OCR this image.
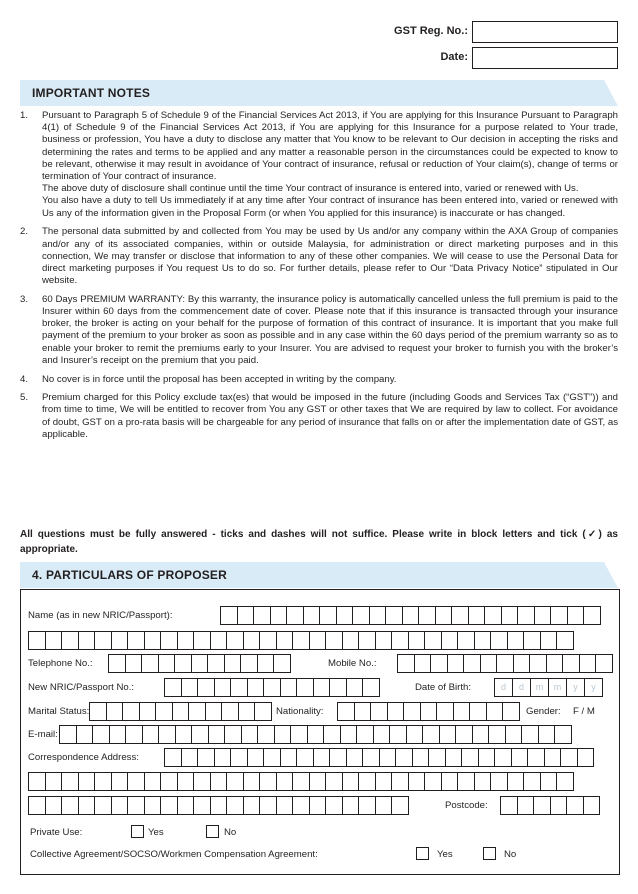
GST Reg. No.:
Date:
IMPORTANT NOTES
1. Pursuant to Paragraph 5 of Schedule 9 of the Financial Services Act 2013, if You are applying for this Insurance Pursuant to Paragraph 4(1) of Schedule 9 of the Financial Services Act 2013, if You are applying for this Insurance for a purpose related to Your trade, business or profession, You have a duty to disclose any matter that You know to be relevant to Our decision in accepting the risks and determining the rates and terms to be applied and any matter a reasonable person in the circumstances could be expected to know to be relevant, otherwise it may result in avoidance of Your contract of insurance, refusal or reduction of Your claim(s), change of terms or termination of Your contract of insurance.

The above duty of disclosure shall continue until the time Your contract of insurance is entered into, varied or renewed with Us.

You also have a duty to tell Us immediately if at any time after Your contract of insurance has been entered into, varied or renewed with Us any of the information given in the Proposal Form (or when You applied for this insurance) is inaccurate or has changed.

2. The personal data submitted by and collected from You may be used by Us and/or any company within the AXA Group of companies and/or any of its associated companies, within or outside Malaysia, for administration or direct marketing purposes and in this connection, We may transfer or disclose that information to any of these other companies. We will cease to use the Personal Data for direct marketing purposes if You request Us to do so. For further details, please refer to Our “Data Privacy Notice” stipulated in Our website.

3. 60 Days PREMIUM WARRANTY: By this warranty, the insurance policy is automatically cancelled unless the full premium is paid to the Insurer within 60 days from the commencement date of cover. Please note that if this insurance is transacted through your insurance broker, the broker is acting on your behalf for the purpose of formation of this contract of insurance. It is important that you make full payment of the premium to your broker as soon as possible and in any case within the 60 days period of the premium warranty so as to enable your broker to remit the premiums early to your Insurer. You are advised to request your broker to furnish you with the broker’s and Insurer’s receipt on the premium that you paid.

4. No cover is in force until the proposal has been accepted in writing by the company.

5. Premium charged for this Policy exclude tax(es) that would be imposed in the future (including Goods and Services Tax (“GST”)) and from time to time, We will be entitled to recover from You any GST or other taxes that We are required by law to collect. For avoidance of doubt, GST on a pro-rata basis will be chargeable for any period of insurance that falls on or after the implementation date of GST, as applicable.

All questions must be fully answered - ticks and dashes will not suffice. Please write in block letters and tick (✓) as appropriate.
4. PARTICULARS OF PROPOSER
Name (as in new NRIC/Passport):
Telephone No.:	Mobile No.:
New NRIC/Passport No.:	Date of Birth:	d	d	m	m	y	y
Marital Status:	Nationality:	Gender: F / M
E-mail:
Correspondence Address:
Postcode:
Private Use:	Yes	No
Collective Agreement/SOCSO/Workmen Compensation Agreement:	Yes	No
